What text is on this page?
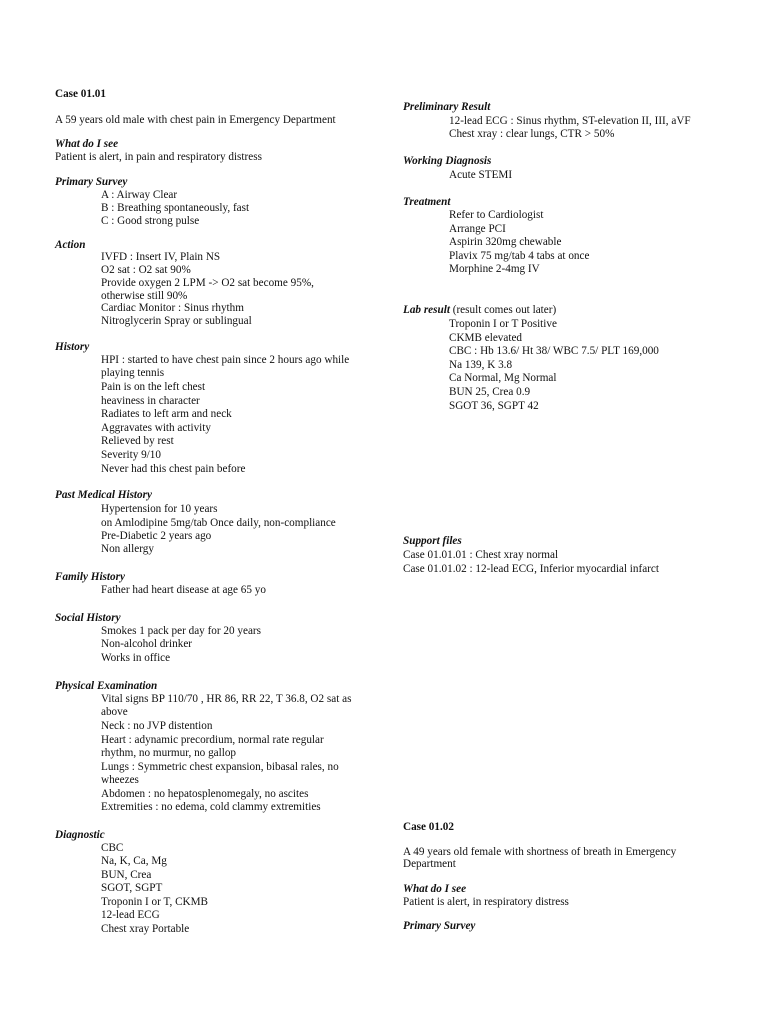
Case 01.01
A 59 years old male with chest pain in Emergency Department
What do I see
Patient is alert, in pain and respiratory distress
Primary Survey
A : Airway Clear
B : Breathing spontaneously, fast
C : Good strong pulse
Action
IVFD : Insert IV, Plain NS
O2 sat : O2 sat 90%
Provide oxygen 2 LPM -> O2 sat become 95%,
otherwise still 90%
Cardiac Monitor : Sinus rhythm
Nitroglycerin Spray or sublingual
History
HPI : started to have chest pain since 2 hours ago while
playing tennis
Pain is on the left chest
heaviness in character
Radiates to left arm and neck
Aggravates with activity
Relieved by rest
Severity 9/10
Never had this chest pain before
Past Medical History
Hypertension for 10 years
on Amlodipine 5mg/tab Once daily, non-compliance
Pre-Diabetic 2 years ago
Non allergy
Family History
Father had heart disease at age 65 yo
Social History
Smokes 1 pack per day for 20 years
Non-alcohol drinker
Works in office
Physical Examination
Vital signs BP 110/70 , HR 86, RR 22, T 36.8, O2 sat as
above
Neck : no JVP distention
Heart : adynamic precordium, normal rate regular
rhythm, no murmur, no gallop
Lungs : Symmetric chest expansion, bibasal rales, no
wheezes
Abdomen : no hepatosplenomegaly, no ascites
Extremities : no edema, cold clammy extremities
Diagnostic
CBC
Na, K, Ca, Mg
BUN, Crea
SGOT, SGPT
Troponin I or T, CKMB
12-lead ECG
Chest xray Portable
Preliminary Result
12-lead ECG : Sinus rhythm, ST-elevation II, III, aVF
Chest xray : clear lungs, CTR > 50%
Working Diagnosis
Acute STEMI
Treatment
Refer to Cardiologist
Arrange PCI
Aspirin 320mg chewable
Plavix 75 mg/tab 4 tabs at once
Morphine 2-4mg IV
Lab result (result comes out later)
Troponin I or T Positive
CKMB elevated
CBC : Hb 13.6/ Ht 38/ WBC 7.5/ PLT 169,000
Na 139, K 3.8
Ca Normal, Mg Normal
BUN 25, Crea 0.9
SGOT 36, SGPT 42
Support files
Case 01.01.01 : Chest xray normal
Case 01.01.02 : 12-lead ECG, Inferior myocardial infarct
Case 01.02
A 49 years old female with shortness of breath in Emergency
Department
What do I see
Patient is alert, in respiratory distress
Primary Survey
